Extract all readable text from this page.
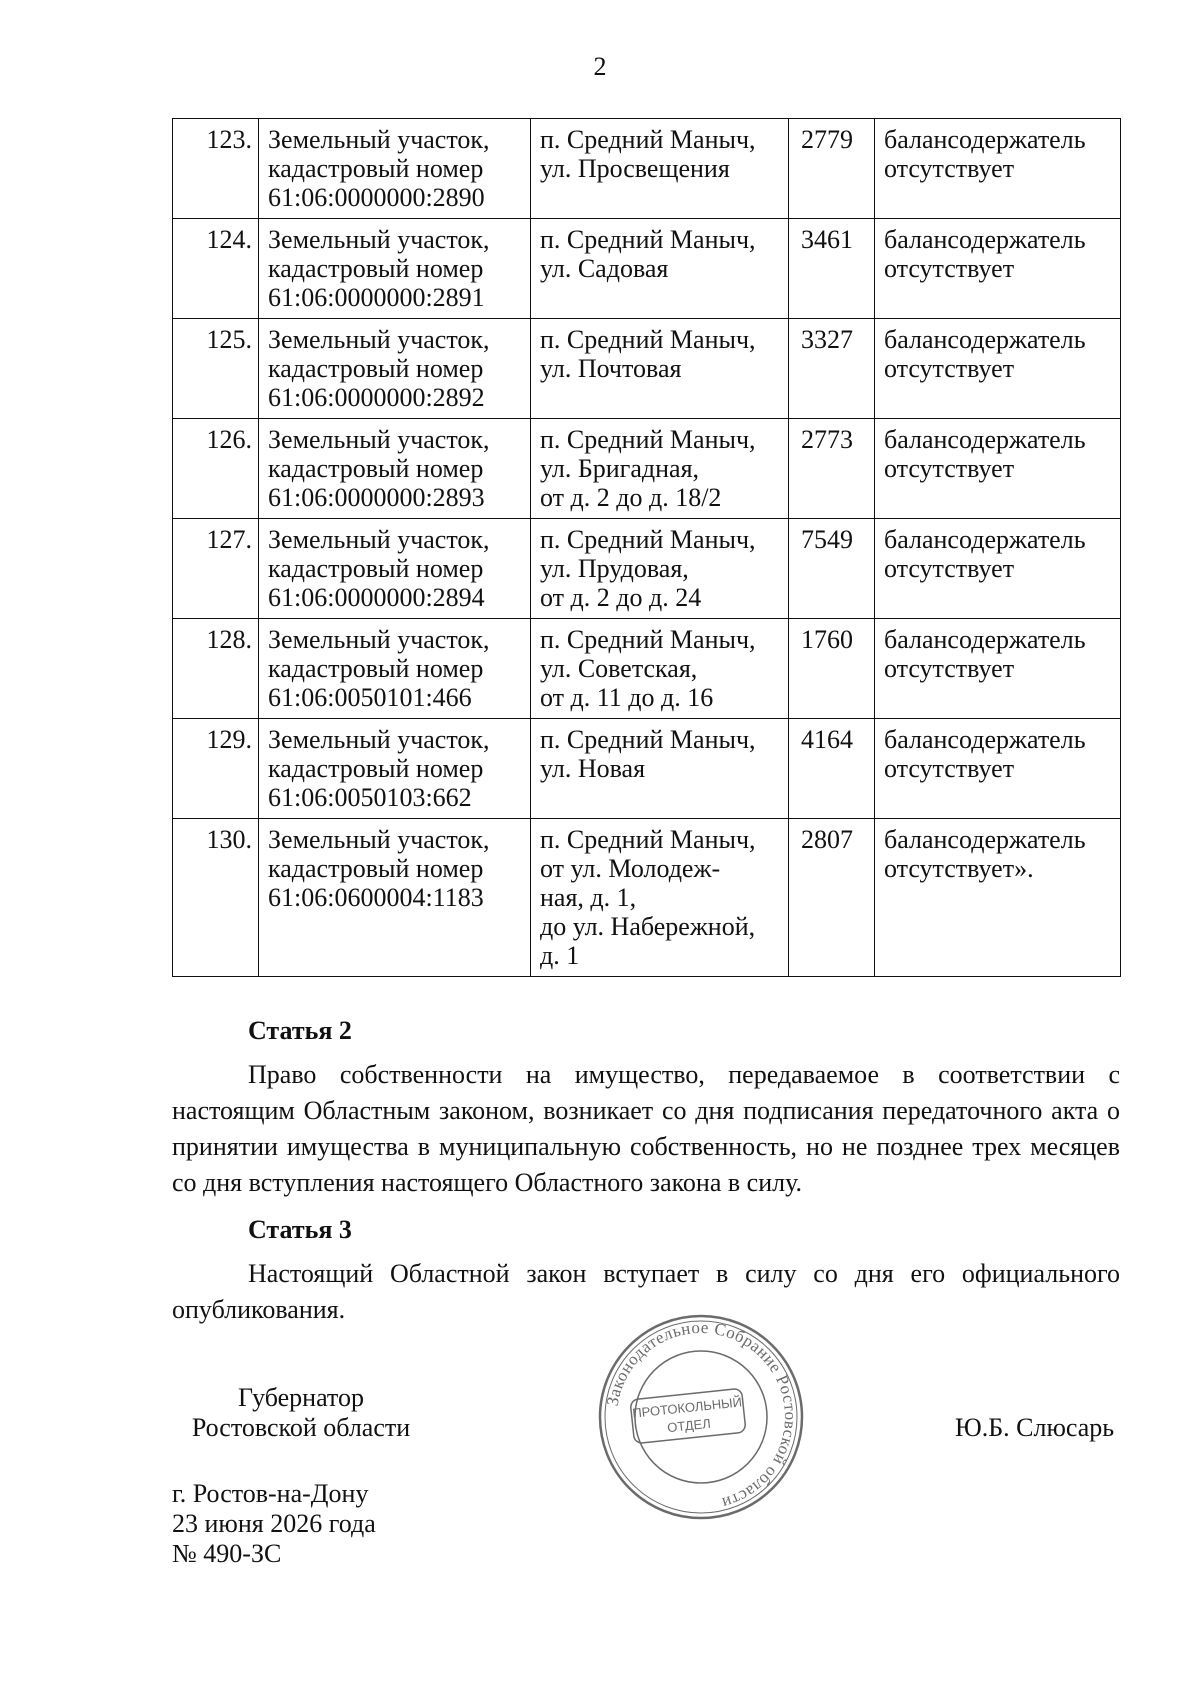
2
123.	Земельный участок,
кадастровый номер
61:06:0000000:2890	п. Средний Маныч,
ул. Просвещения	2779	балансодержатель
отсутствует

124.	Земельный участок,
кадастровый номер
61:06:0000000:2891	п. Средний Маныч,
ул. Садовая	3461	балансодержатель
отсутствует

125.	Земельный участок,
кадастровый номер
61:06:0000000:2892	п. Средний Маныч,
ул. Почтовая	3327	балансодержатель
отсутствует

126.	Земельный участок,
кадастровый номер
61:06:0000000:2893	п. Средний Маныч,
ул. Бригадная,
от д. 2 до д. 18/2	2773	балансодержатель
отсутствует

127.	Земельный участок,
кадастровый номер
61:06:0000000:2894	п. Средний Маныч,
ул. Прудовая,
от д. 2 до д. 24	7549	балансодержатель
отсутствует

128.	Земельный участок,
кадастровый номер
61:06:0050101:466	п. Средний Маныч,
ул. Советская,
от д. 11 до д. 16	1760	балансодержатель
отсутствует

129.	Земельный участок,
кадастровый номер
61:06:0050103:662	п. Средний Маныч,
ул. Новая	4164	балансодержатель
отсутствует

130.	Земельный участок,
кадастровый номер
61:06:0600004:1183	п. Средний Маныч,
от ул. Молодеж-
ная, д. 1,
до ул. Набережной,
д. 1	2807	балансодержатель
отсутствует».
Статья 2

Право собственности на имущество, передаваемое в соответствии с настоящим Областным законом, возникает со дня подписания передаточного акта о принятии имущества в муниципальную собственность, но не позднее трех месяцев со дня вступления настоящего Областного закона в силу.

Статья 3

Настоящий Областной закон вступает в силу со дня его официального опубликования.

Губернатор
Ростовской области	Ю.Б. Слюсарь
г. Ростов-на-Дону
23 июня 2026 года
№ 490-ЗС
Законодательное Собрание Ростовской области
ПРОТОКОЛЬНЫЙ
ОТДЕЛ
